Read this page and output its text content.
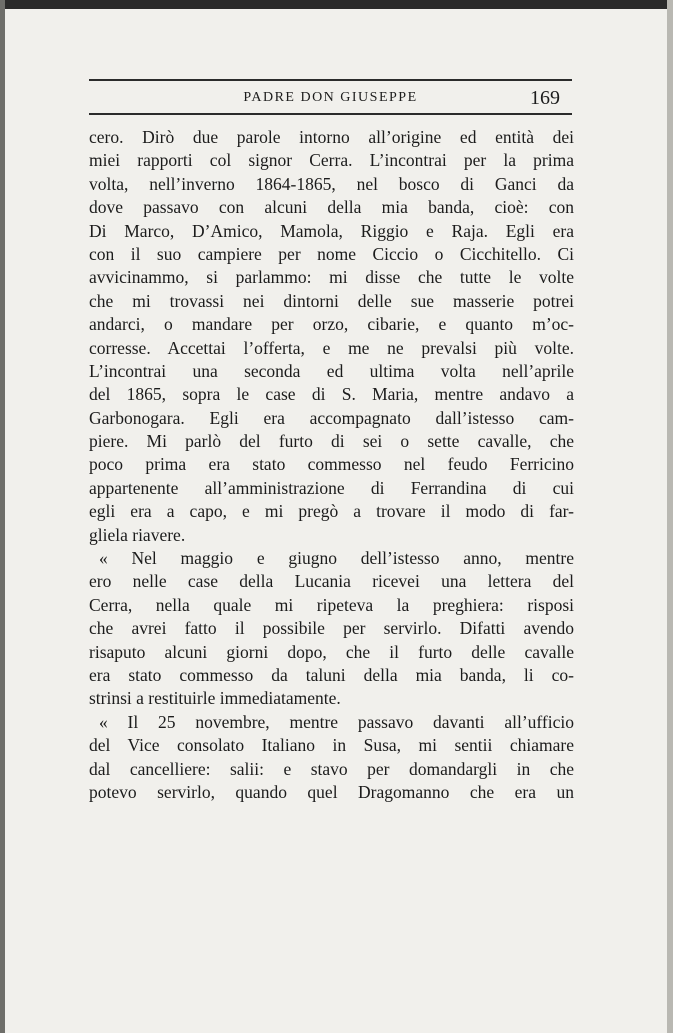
PADRE DON GIUSEPPE	169
cero. Dirò due parole intorno all’origine ed entità dei
miei rapporti col signor Cerra. L’incontrai per la prima
volta, nell’inverno 1864-1865, nel bosco di Ganci da
dove passavo con alcuni della mia banda, cioè: con
Di Marco, D’Amico, Mamola, Riggio e Raja. Egli era
con il suo campiere per nome Ciccio o Cicchitello. Ci
avvicinammo, si parlammo: mi disse che tutte le volte
che mi trovassi nei dintorni delle sue masserie potrei
andarci, o mandare per orzo, cibarie, e quanto m’oc-
corresse. Accettai l’offerta, e me ne prevalsi più volte.
L’incontrai una seconda ed ultima volta nell’aprile
del 1865, sopra le case di S. Maria, mentre andavo a
Garbonogara. Egli era accompagnato dall’istesso cam-
piere. Mi parlò del furto di sei o sette cavalle, che
poco prima era stato commesso nel feudo Ferricino
appartenente all’amministrazione di Ferrandina di cui
egli era a capo, e mi pregò a trovare il modo di far-
gliela riavere.
« Nel maggio e giugno dell’istesso anno, mentre
ero nelle case della Lucania ricevei una lettera del
Cerra, nella quale mi ripeteva la preghiera: risposi
che avrei fatto il possibile per servirlo. Difatti avendo
risaputo alcuni giorni dopo, che il furto delle cavalle
era stato commesso da taluni della mia banda, li co-
strinsi a restituirle immediatamente.
« Il 25 novembre, mentre passavo davanti all’ufficio
del Vice consolato Italiano in Susa, mi sentii chiamare
dal cancelliere: salii: e stavo per domandargli in che
potevo servirlo, quando quel Dragomanno che era un
